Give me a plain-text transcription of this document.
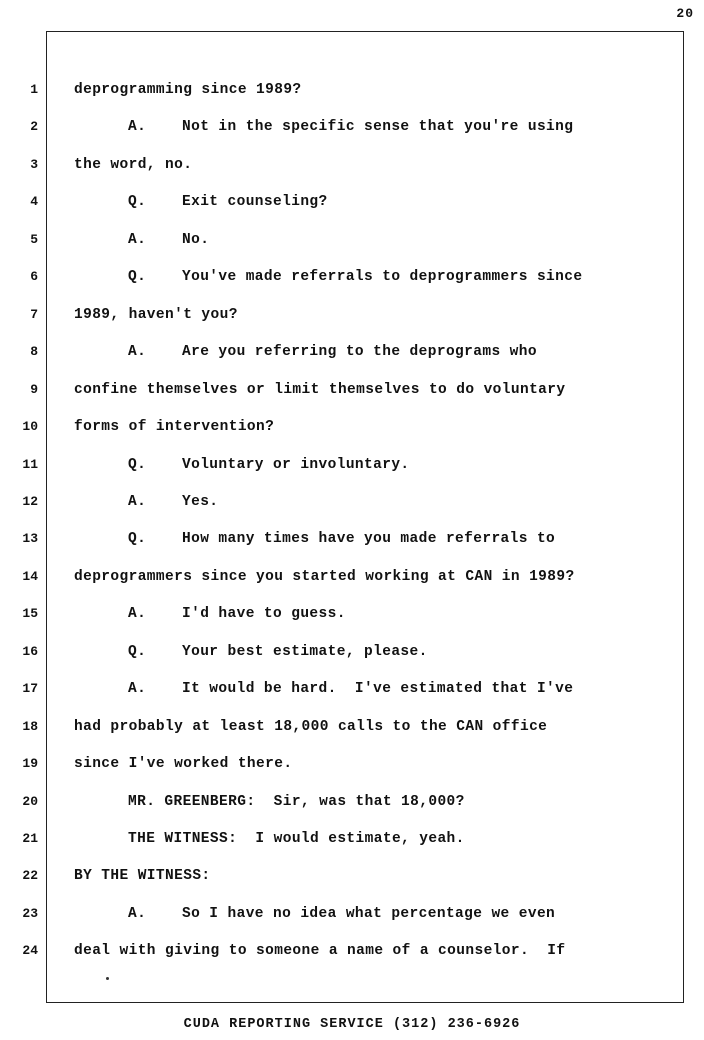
20
1 deprogramming since 1989?
2	A. Not in the specific sense that you're using
3 the word, no.
4	Q. Exit counseling?
5	A. No.
6	Q. You've made referrals to deprogrammers since
7 1989, haven't you?
8	A. Are you referring to the deprograms who
9 confine themselves or limit themselves to do voluntary
10 forms of intervention?
11	Q. Voluntary or involuntary.
12	A. Yes.
13	Q. How many times have you made referrals to
14 deprogrammers since you started working at CAN in 1989?
15	A. I'd have to guess.
16	Q. Your best estimate, please.
17	A. It would be hard.  I've estimated that I've
18 had probably at least 18,000 calls to the CAN office
19 since I've worked there.
20	MR. GREENBERG:  Sir, was that 18,000?
21	THE WITNESS:  I would estimate, yeah.
22 BY THE WITNESS:
23	A. So I have no idea what percentage we even
24 deal with giving to someone a name of a counselor.  If
CUDA REPORTING SERVICE (312) 236-6926
